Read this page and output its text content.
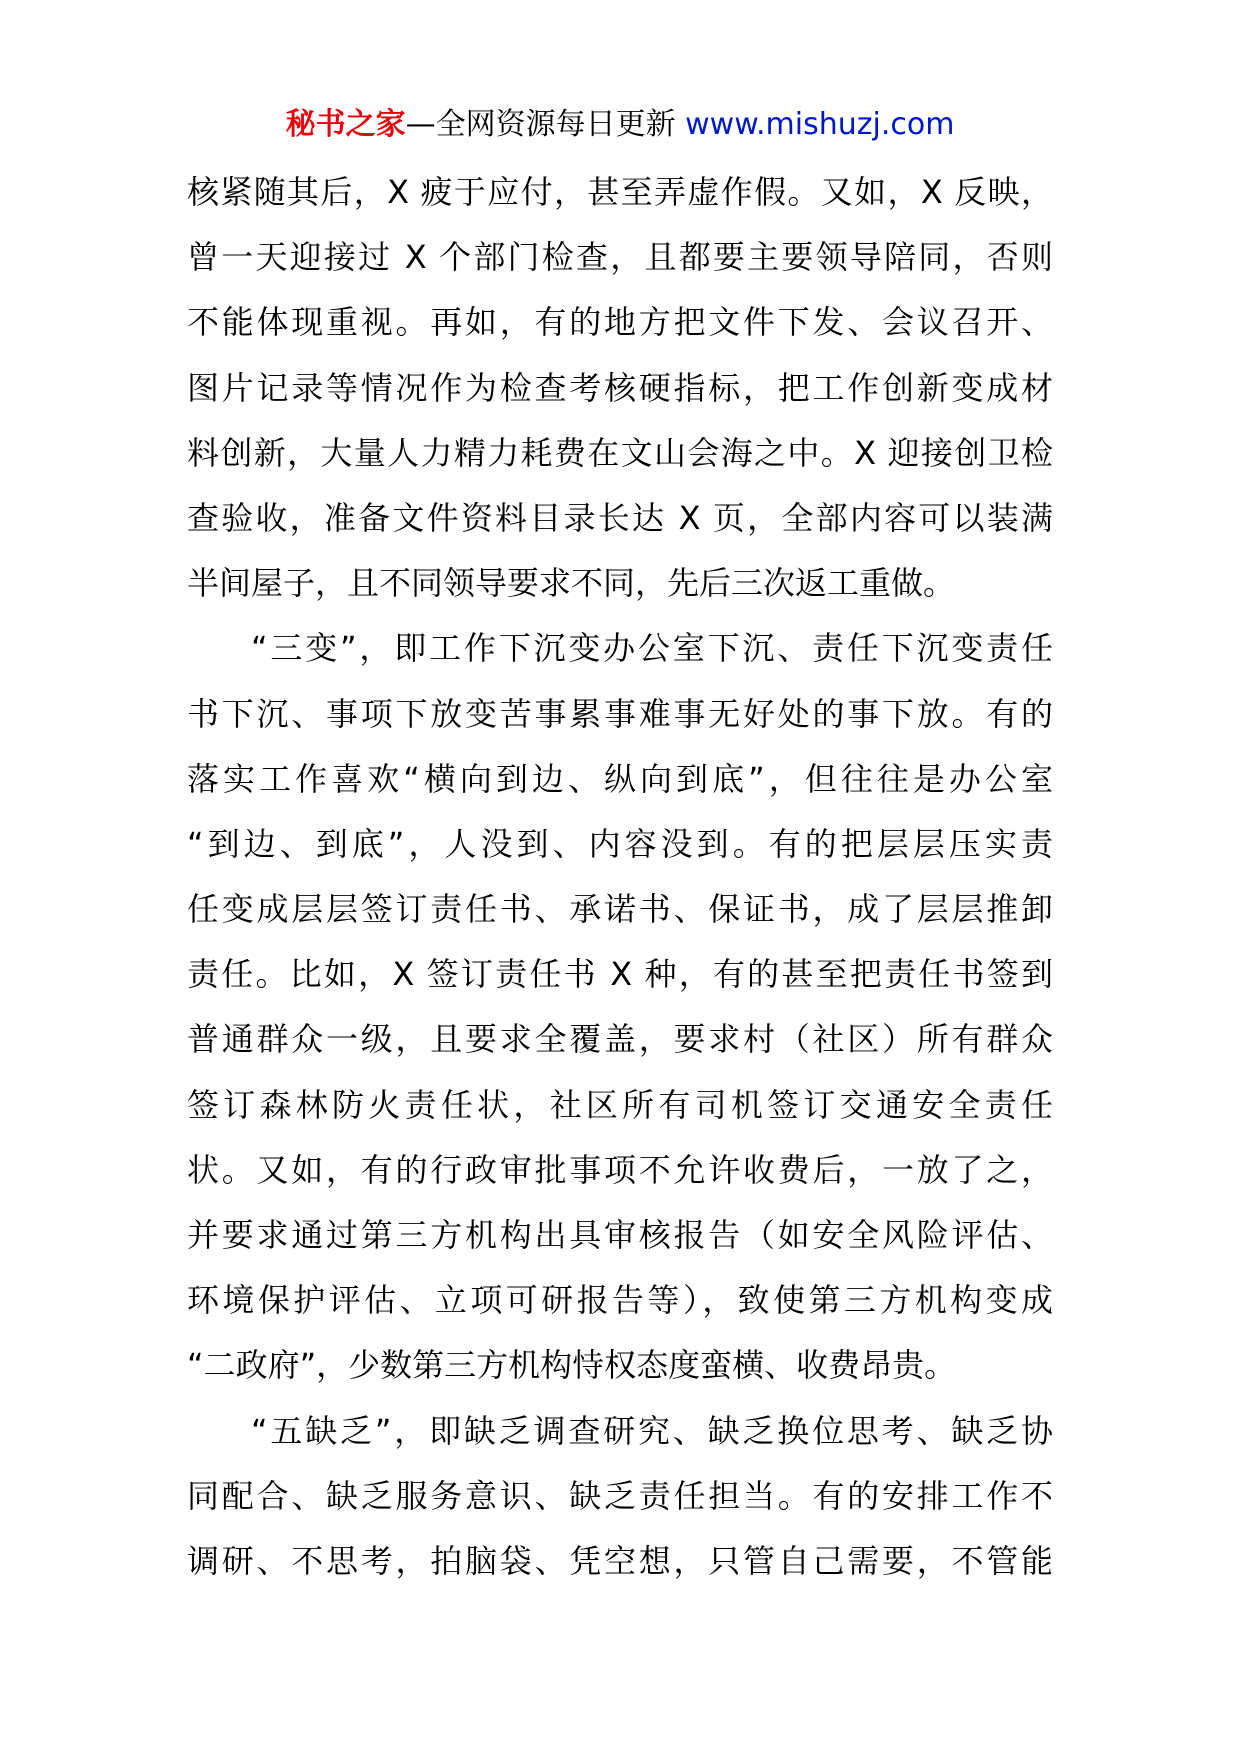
秘书之家—全网资源每日更新 www.mishuzj.com
核紧随其后，X 疲于应付，甚至弄虚作假。又如，X 反映，
曾一天迎接过 X 个部门检查，且都要主要领导陪同，否则
不能体现重视。再如，有的地方把文件下发、会议召开、
图片记录等情况作为检查考核硬指标，把工作创新变成材
料创新，大量人力精力耗费在文山会海之中。X 迎接创卫检
查验收，准备文件资料目录长达 X 页，全部内容可以装满
半间屋子，且不同领导要求不同，先后三次返工重做。
“三变”，即工作下沉变办公室下沉、责任下沉变责任
书下沉、事项下放变苦事累事难事无好处的事下放。有的
落实工作喜欢“横向到边、纵向到底”，但往往是办公室
“到边、到底”，人没到、内容没到。有的把层层压实责
任变成层层签订责任书、承诺书、保证书，成了层层推卸
责任。比如，X 签订责任书 X 种，有的甚至把责任书签到
普通群众一级，且要求全覆盖，要求村（社区）所有群众
签订森林防火责任状，社区所有司机签订交通安全责任
状。又如，有的行政审批事项不允许收费后，一放了之，
并要求通过第三方机构出具审核报告（如安全风险评估、
环境保护评估、立项可研报告等），致使第三方机构变成
“二政府”，少数第三方机构恃权态度蛮横、收费昂贵。
“五缺乏”，即缺乏调查研究、缺乏换位思考、缺乏协
同配合、缺乏服务意识、缺乏责任担当。有的安排工作不
调研、不思考，拍脑袋、凭空想，只管自己需要，不管能
